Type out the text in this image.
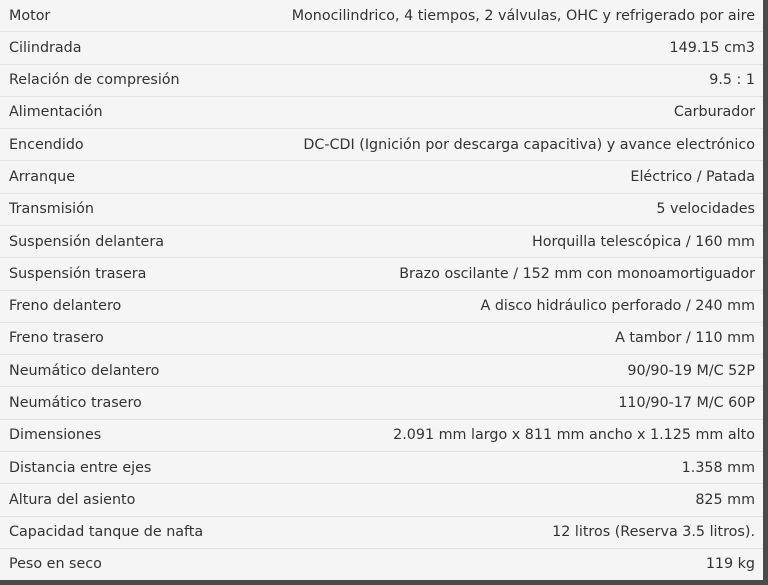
Motor	Monocilindrico, 4 tiempos, 2 válvulas, OHC y refrigerado por aire
Cilindrada	149.15 cm3
Relación de compresión	9.5 : 1
Alimentación	Carburador
Encendido	DC-CDI (Ignición por descarga capacitiva) y avance electrónico
Arranque	Eléctrico / Patada
Transmisión	5 velocidades
Suspensión delantera	Horquilla telescópica / 160 mm
Suspensión trasera	Brazo oscilante / 152 mm con monoamortiguador
Freno delantero	A disco hidráulico perforado / 240 mm
Freno trasero	A tambor / 110 mm
Neumático delantero	90/90-19 M/C 52P
Neumático trasero	110/90-17 M/C 60P
Dimensiones	2.091 mm largo x 811 mm ancho x 1.125 mm alto
Distancia entre ejes	1.358 mm
Altura del asiento	825 mm
Capacidad tanque de nafta	12 litros (Reserva 3.5 litros).
Peso en seco	119 kg
